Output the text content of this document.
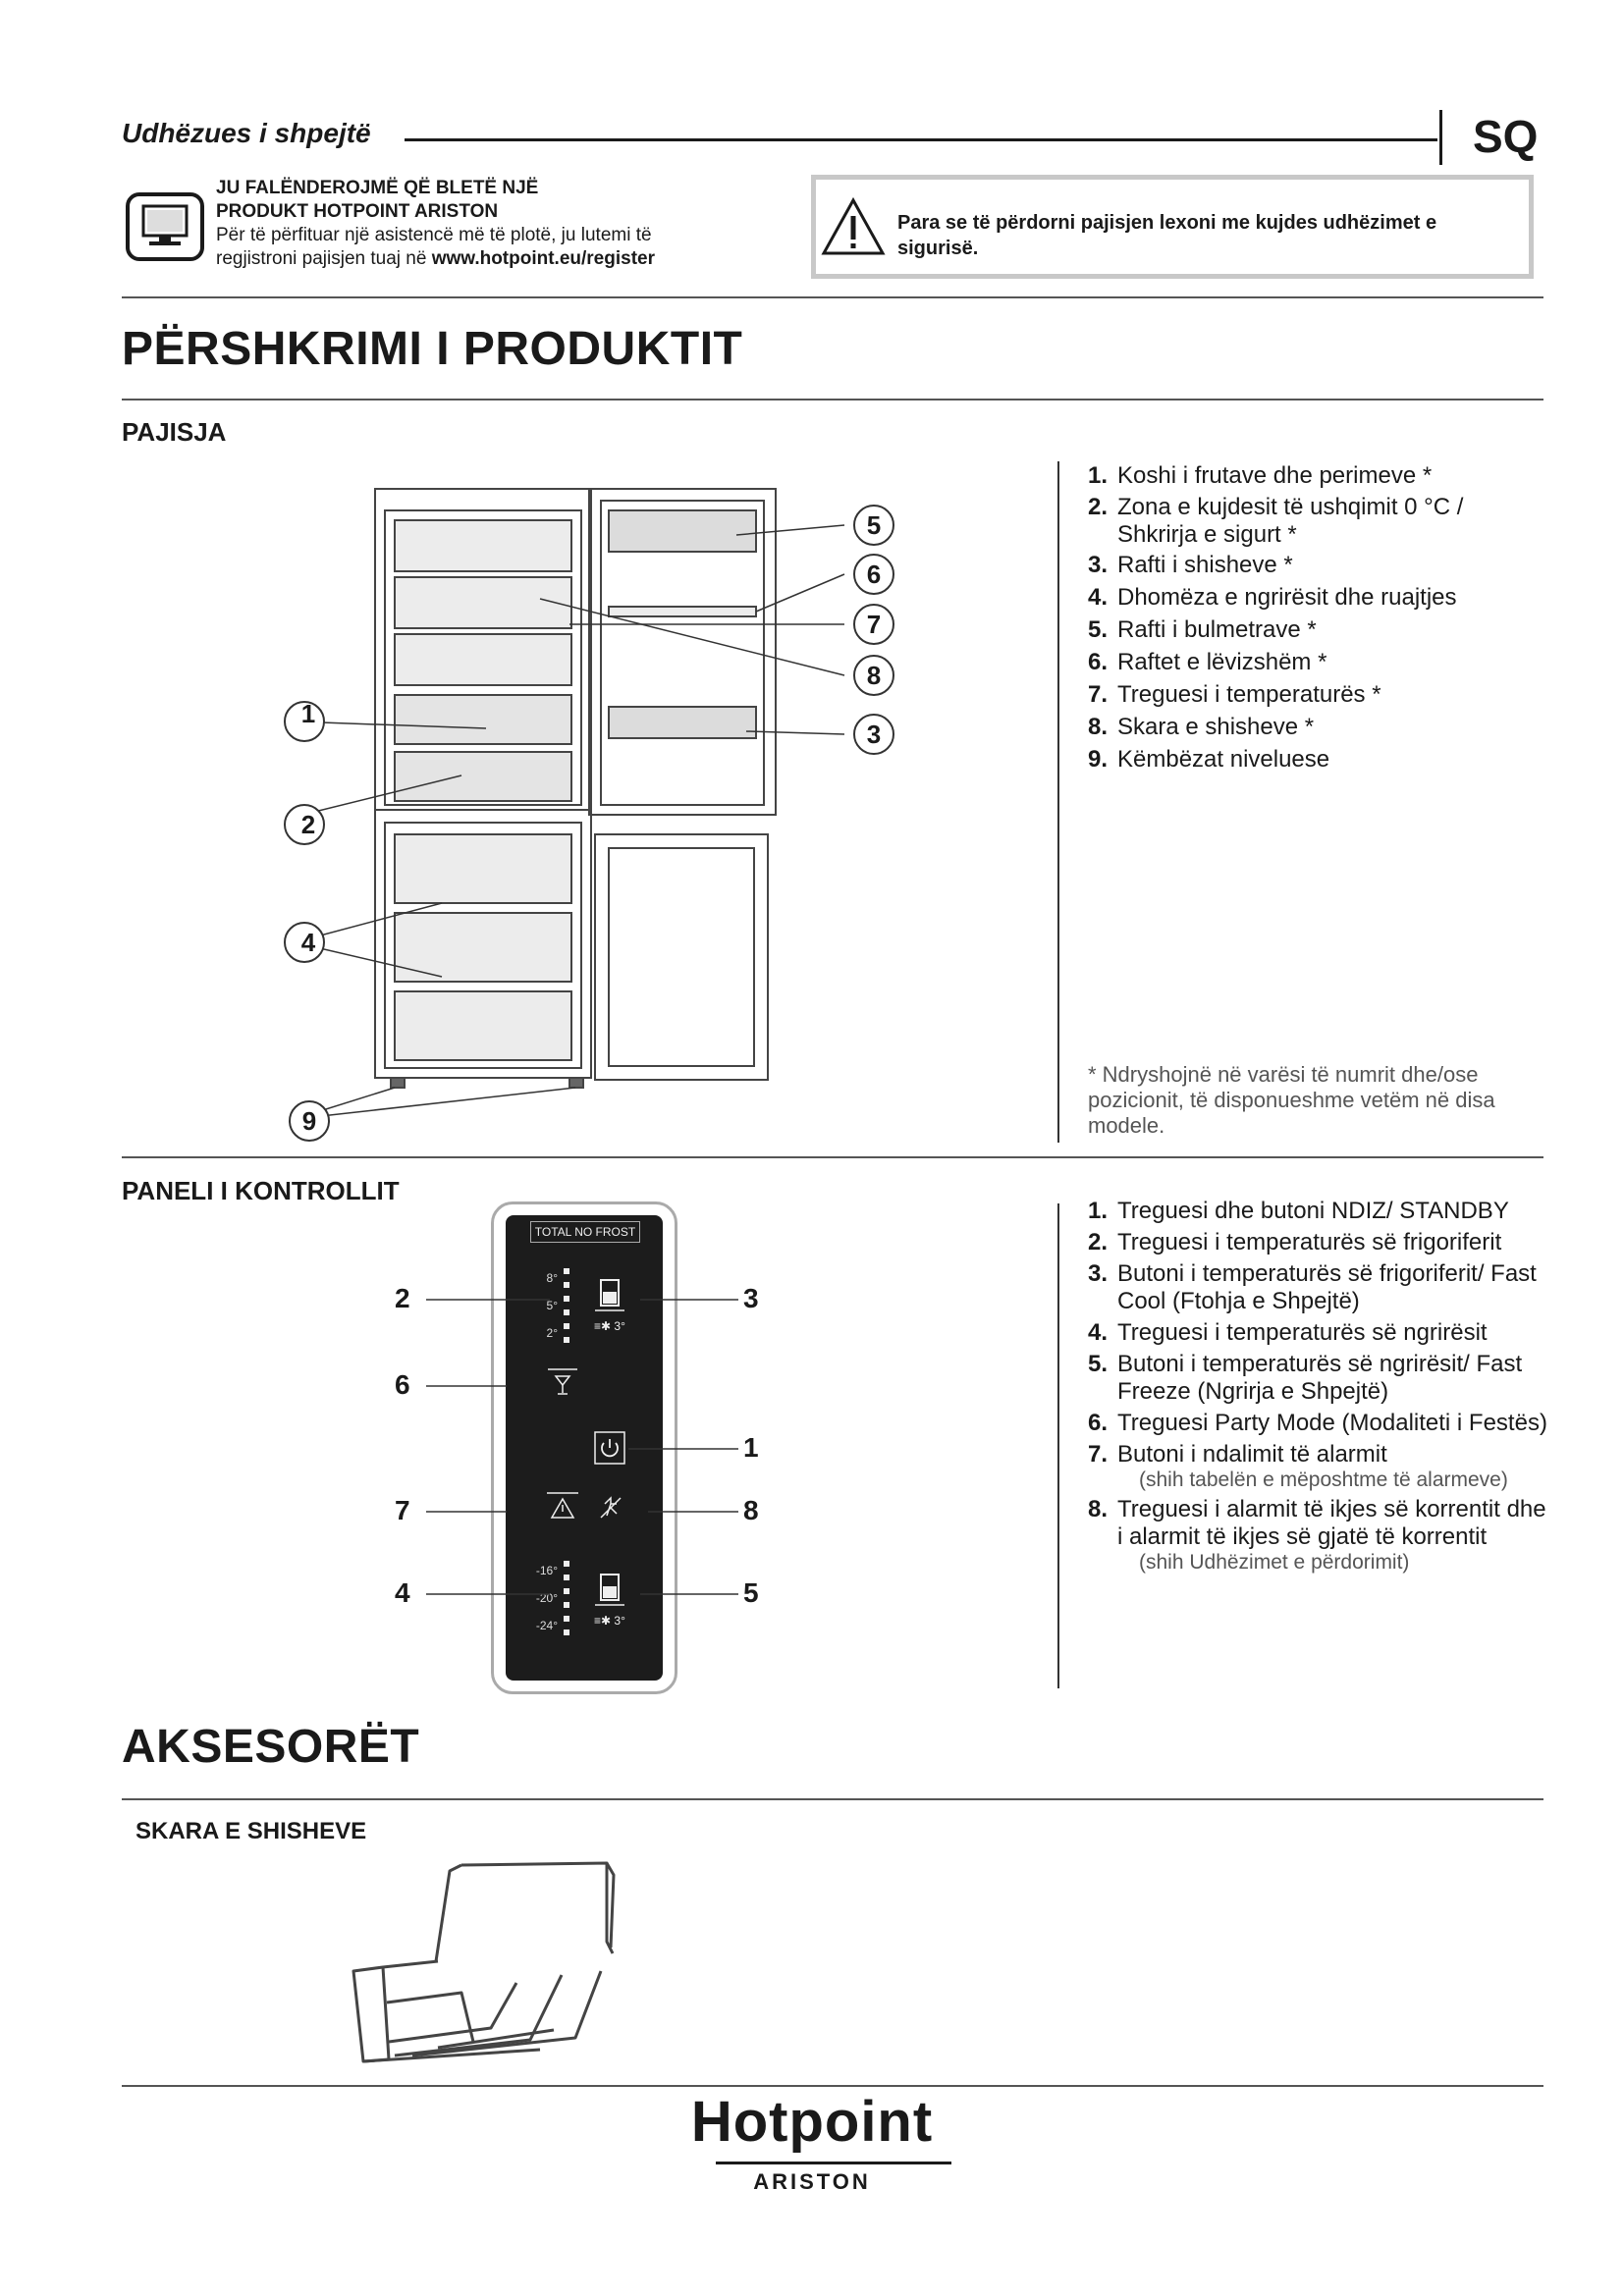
Udhëzues i shpejtë	SQ
JU FALËNDEROJMË QË BLETË NJË
PRODUKT HOTPOINT ARISTON
Për të përfituar një asistencë më të plotë, ju lutemi të
regjistroni pajisjen tuaj në www.hotpoint.eu/register
Para se të përdorni pajisjen lexoni me kujdes udhëzimet e sigurisë.
PËRSHKRIMI I PRODUKTIT
PAJISJA
1
2
3
4
5
6
7
8
9
1. Koshi i frutave dhe perimeve *
2. Zona e kujdesit të ushqimit 0 °C / Shkrirja e sigurt *
3. Rafti i shisheve *
4. Dhomëza e ngrirësit dhe ruajtjes
5. Rafti i bulmetrave *
6. Raftet e lëvizshëm *
7. Treguesi i temperaturës *
8. Skara e shisheve *
9. Këmbëzat niveluese
* Ndryshojnë në varësi të numrit dhe/ose pozicionit, të disponueshme vetëm në disa modele.
PANELI I KONTROLLIT
TOTAL NO FROST
8°
5°
2°	≡✱ 3°
-16°
-20°
-24°	≡✱ 3°
2
6
7
4
3
1
8
5
1. Treguesi dhe butoni NDIZ/ STANDBY
2. Treguesi i temperaturës së frigoriferit
3. Butoni i temperaturës së frigoriferit/ Fast Cool (Ftohja e Shpejtë)
4. Treguesi i temperaturës së ngrirësit
5. Butoni i temperaturës së ngrirësit/ Fast Freeze (Ngrirja e Shpejtë)
6. Treguesi Party Mode (Modaliteti i Festës)
7. Butoni i ndalimit të alarmit
(shih tabelën e mëposhtme të alarmeve)
8. Treguesi i alarmit të ikjes së korrentit dhe i alarmit të ikjes së gjatë të korrentit
(shih Udhëzimet e përdorimit)
AKSESORËT
SKARA E SHISHEVE
Hotpoint
ARISTON
